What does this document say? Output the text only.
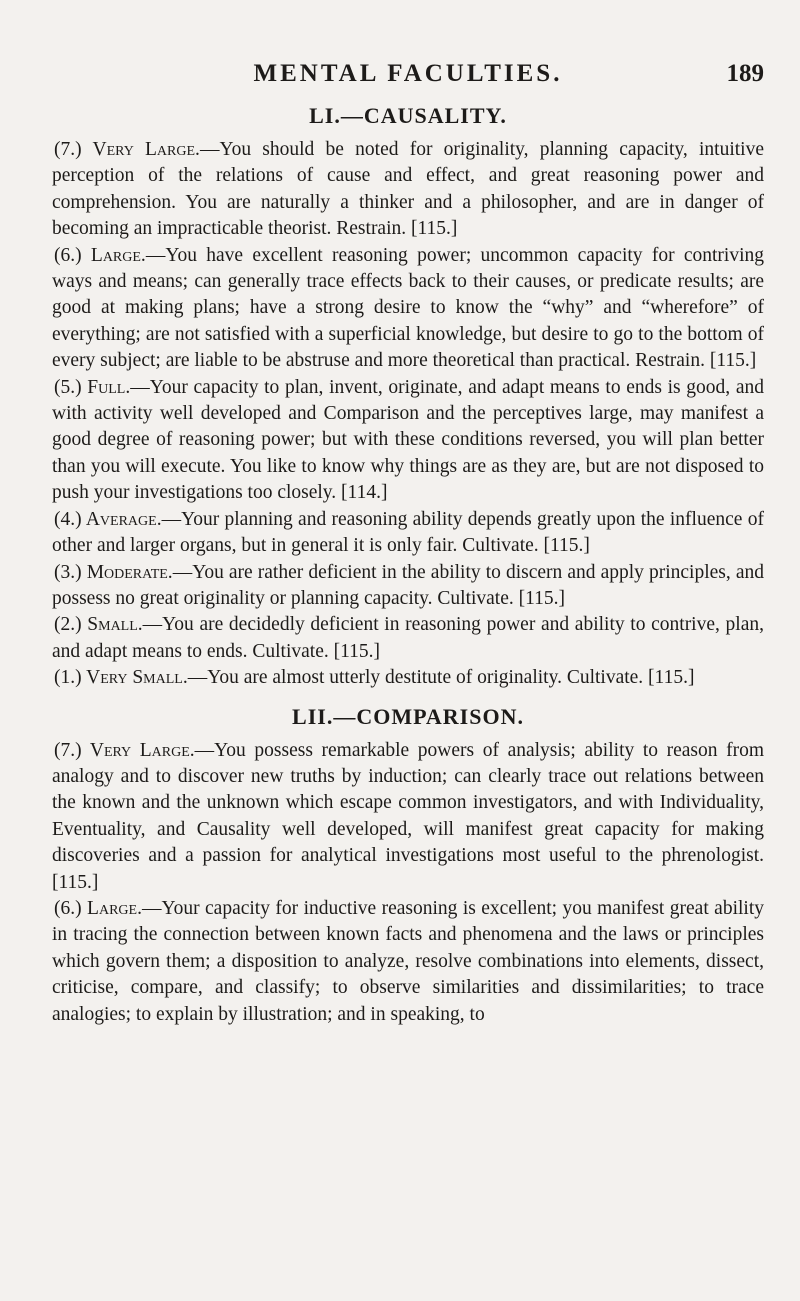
MENTAL FACULTIES.	189
LI.—CAUSALITY.

(7.) Very Large.—You should be noted for originality, planning capacity, intuitive perception of the relations of cause and effect, and great reasoning power and comprehension. You are naturally a thinker and a philosopher, and are in danger of becoming an impracticable theorist. Restrain. [115.]

(6.) Large.—You have excellent reasoning power; uncommon capacity for contriving ways and means; can generally trace effects back to their causes, or predicate results; are good at making plans; have a strong desire to know the “why” and “wherefore” of everything; are not satisfied with a superficial knowledge, but desire to go to the bottom of every subject; are liable to be abstruse and more theoretical than practical. Restrain. [115.]

(5.) Full.—Your capacity to plan, invent, originate, and adapt means to ends is good, and with activity well developed and Comparison and the perceptives large, may manifest a good degree of reasoning power; but with these conditions reversed, you will plan better than you will execute. You like to know why things are as they are, but are not disposed to push your investigations too closely. [114.]

(4.) Average.—Your planning and reasoning ability depends greatly upon the influence of other and larger organs, but in general it is only fair. Cultivate. [115.]

(3.) Moderate.—You are rather deficient in the ability to discern and apply principles, and possess no great originality or planning capacity. Cultivate. [115.]

(2.) Small.—You are decidedly deficient in reasoning power and ability to contrive, plan, and adapt means to ends. Cultivate. [115.]

(1.) Very Small.—You are almost utterly destitute of originality. Cultivate. [115.]

LII.—COMPARISON.

(7.) Very Large.—You possess remarkable powers of analysis; ability to reason from analogy and to discover new truths by induction; can clearly trace out relations between the known and the unknown which escape common investigators, and with Individuality, Eventuality, and Causality well developed, will manifest great capacity for making discoveries and a passion for analytical investigations most useful to the phrenologist. [115.]

(6.) Large.—Your capacity for inductive reasoning is excellent; you manifest great ability in tracing the connection between known facts and phenomena and the laws or principles which govern them; a disposition to analyze, resolve combinations into elements, dissect, criticise, compare, and classify; to observe similarities and dissimilarities; to trace analogies; to explain by illustration; and in speaking, to
